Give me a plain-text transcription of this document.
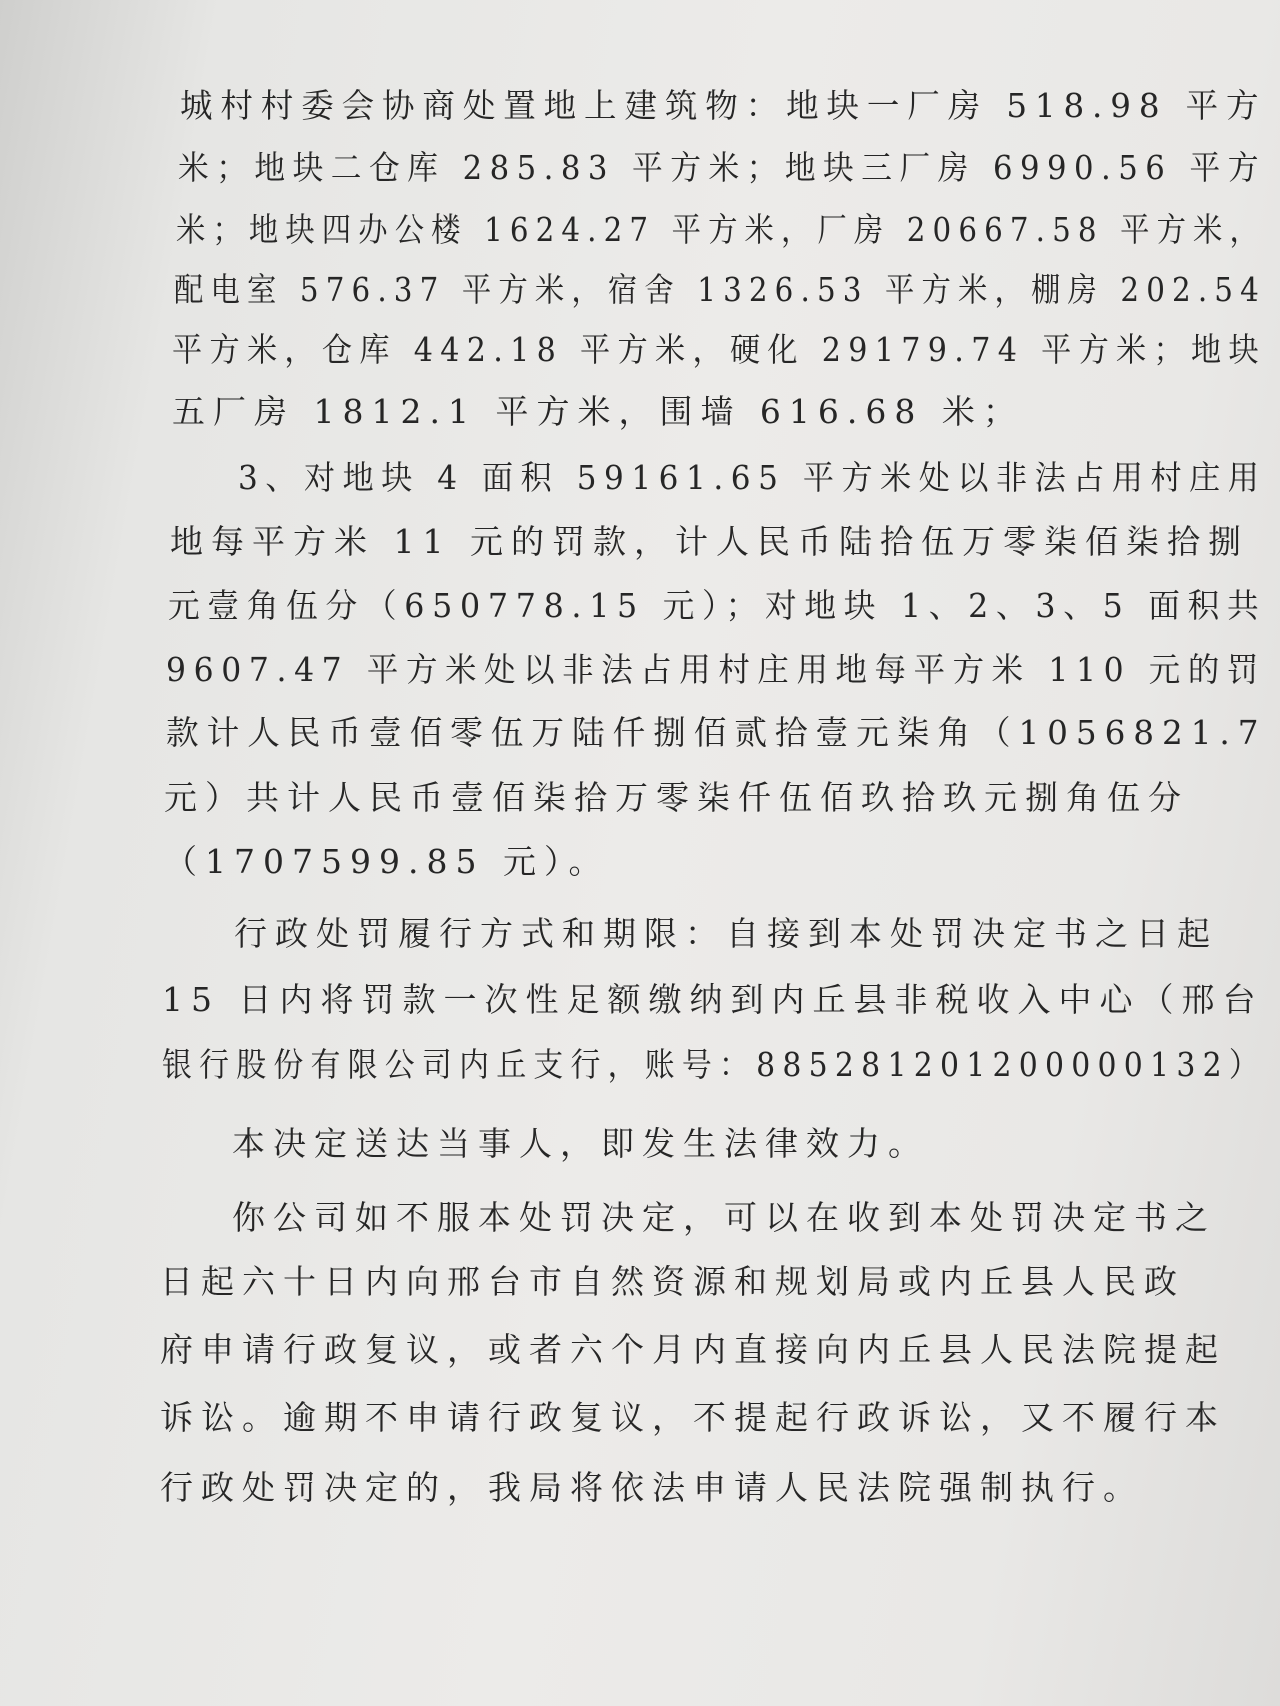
城村村委会协商处置地上建筑物：地块一厂房 518.98 平方
米；地块二仓库 285.83 平方米；地块三厂房 6990.56 平方
米；地块四办公楼 1624.27 平方米，厂房 20667.58 平方米，
配电室 576.37 平方米，宿舍 1326.53 平方米，棚房 202.54
平方米，仓库 442.18 平方米，硬化 29179.74 平方米；地块
五厂房 1812.1 平方米，围墙 616.68 米；
3、对地块 4 面积 59161.65 平方米处以非法占用村庄用
地每平方米 11 元的罚款，计人民币陆拾伍万零柒佰柒拾捌
元壹角伍分（650778.15 元）；对地块 1、2、3、5 面积共
9607.47 平方米处以非法占用村庄用地每平方米 110 元的罚
款计人民币壹佰零伍万陆仟捌佰贰拾壹元柒角（1056821.7
元）共计人民币壹佰柒拾万零柒仟伍佰玖拾玖元捌角伍分
（1707599.85 元）。
行政处罚履行方式和期限：自接到本处罚决定书之日起
15 日内将罚款一次性足额缴纳到内丘县非税收入中心（邢台
银行股份有限公司内丘支行，账号：885281201200000132）
本决定送达当事人，即发生法律效力。
你公司如不服本处罚决定，可以在收到本处罚决定书之
日起六十日内向邢台市自然资源和规划局或内丘县人民政
府申请行政复议，或者六个月内直接向内丘县人民法院提起
诉讼。逾期不申请行政复议，不提起行政诉讼，又不履行本
行政处罚决定的，我局将依法申请人民法院强制执行。
